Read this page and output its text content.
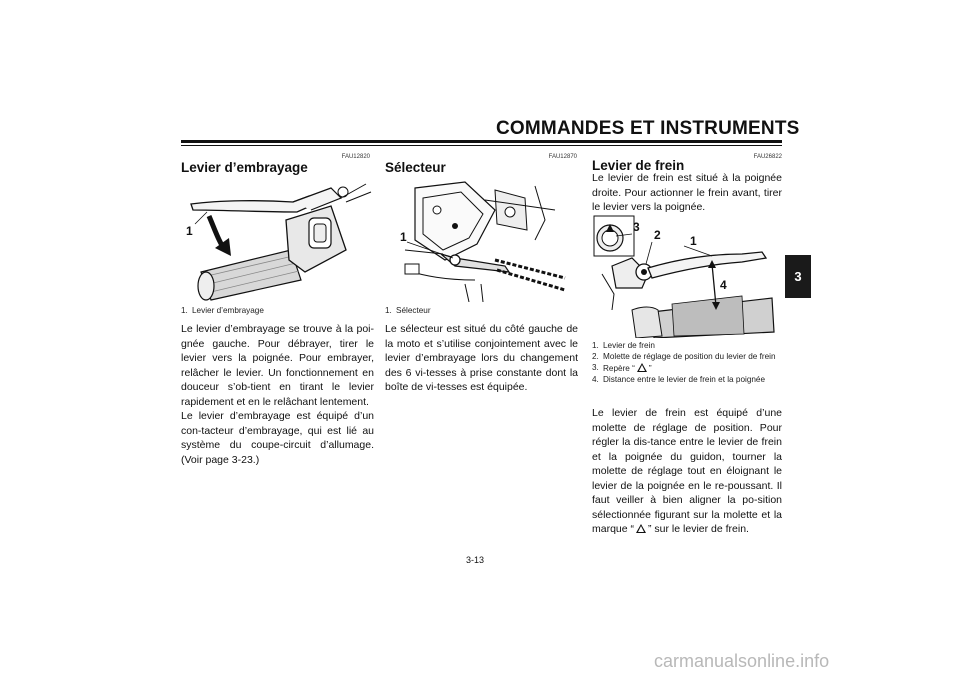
COMMANDES ET INSTRUMENTS
3
FAU12820
Levier d’embrayage
1
1. Levier d’embrayage
Le levier d’embrayage se trouve à la poi-gnée gauche. Pour débrayer, tirer le levier vers la poignée. Pour embrayer, relâcher le levier. Un fonctionnement en douceur s’ob-tient en tirant le levier rapidement et en le relâchant lentement.
Le levier d’embrayage est équipé d’un con-tacteur d’embrayage, qui est lié au système du coupe-circuit d’allumage. (Voir page 3-23.)
FAU12870
Sélecteur
1
1. Sélecteur
Le sélecteur est situé du côté gauche de la moto et s’utilise conjointement avec le levier d’embrayage lors du changement des 6 vi-tesses à prise constante dont la boîte de vi-tesses est équipée.
FAU26822
Levier de frein
Le levier de frein est situé à la poignée droite. Pour actionner le frein avant, tirer le levier vers la poignée.
3
2 1
4
1. Levier de frein
2. Molette de réglage de position du levier de frein
3. Repère “ ”
4. Distance entre le levier de frein et la poignée
Le levier de frein est équipé d’une molette de réglage de position. Pour régler la dis-tance entre le levier de frein et la poignée du guidon, tourner la molette de réglage tout en éloignant le levier de la poignée en le re-poussant. Il faut veiller à bien aligner la po-sition sélectionnée figurant sur la molette et la marque “ ” sur le levier de frein.
3-13
carmanualsonline.info
